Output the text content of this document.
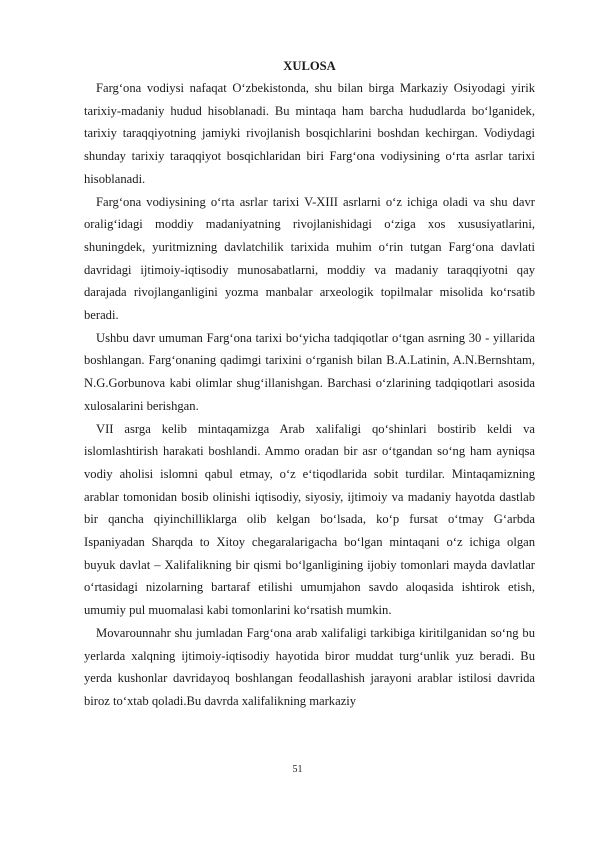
XULOSA

Farg‘ona vodiysi nafaqat O‘zbekistonda, shu bilan birga Markaziy Osiyodagi yirik tarixiy-madaniy hudud hisoblanadi. Bu mintaqa ham barcha hududlarda bo‘lganidek, tarixiy taraqqiyotning jamiyki rivojlanish bosqichlarini boshdan kechirgan. Vodiydagi shunday tarixiy taraqqiyot bosqichlaridan biri Farg‘ona vodiysining o‘rta asrlar tarixi hisoblanadi.

Farg‘ona vodiysining o‘rta asrlar tarixi V-XIII asrlarni o‘z ichiga oladi va shu davr oralig‘idagi moddiy madaniyatning rivojlanishidagi o‘ziga xos xususiyatlarini, shuningdek, yuritmizning davlatchilik tarixida muhim o‘rin tutgan Farg‘ona davlati davridagi ijtimoiy-iqtisodiy munosabatlarni, moddiy va madaniy taraqqiyotni qay darajada rivojlanganligini yozma manbalar arxeologik topilmalar misolida ko‘rsatib beradi.

Ushbu davr umuman Farg‘ona tarixi bo‘yicha tadqiqotlar o‘tgan asrning 30 - yillarida boshlangan. Farg‘onaning qadimgi tarixini o‘rganish bilan B.A.Latinin, A.N.Bernshtam, N.G.Gorbunova kabi olimlar shug‘illanishgan. Barchasi o‘zlarining tadqiqotlari asosida xulosalarini berishgan.

VII asrga kelib mintaqamizga Arab xalifaligi qo‘shinlari bostirib keldi va islomlashtirish harakati boshlandi. Ammo oradan bir asr o‘tgandan so‘ng ham ayniqsa vodiy aholisi islomni qabul etmay, o‘z e‘tiqodlarida sobit turdilar. Mintaqamizning arablar tomonidan bosib olinishi iqtisodiy, siyosiy, ijtimoiy va madaniy hayotda dastlab bir qancha qiyinchilliklarga olib kelgan bo‘lsada, ko‘p fursat o‘tmay G‘arbda Ispaniyadan Sharqda to Xitoy chegaralarigacha bo‘lgan mintaqani o‘z ichiga olgan buyuk davlat – Xalifalikning bir qismi bo‘lganligining ijobiy tomonlari mayda davlatlar o‘rtasidagi nizolarning bartaraf etilishi umumjahon savdo aloqasida ishtirok etish, umumiy pul muomalasi kabi tomonlarini ko‘rsatish mumkin.

Movarounnahr shu jumladan Farg‘ona arab xalifaligi tarkibiga kiritilganidan so‘ng bu yerlarda xalqning ijtimoiy-iqtisodiy hayotida biror muddat turg‘unlik yuz beradi. Bu yerda kushonlar davridayoq boshlangan feodallashish jarayoni arablar istilosi davrida biroz to‘xtab qoladi.Bu davrda xalifalikning markaziy

51
